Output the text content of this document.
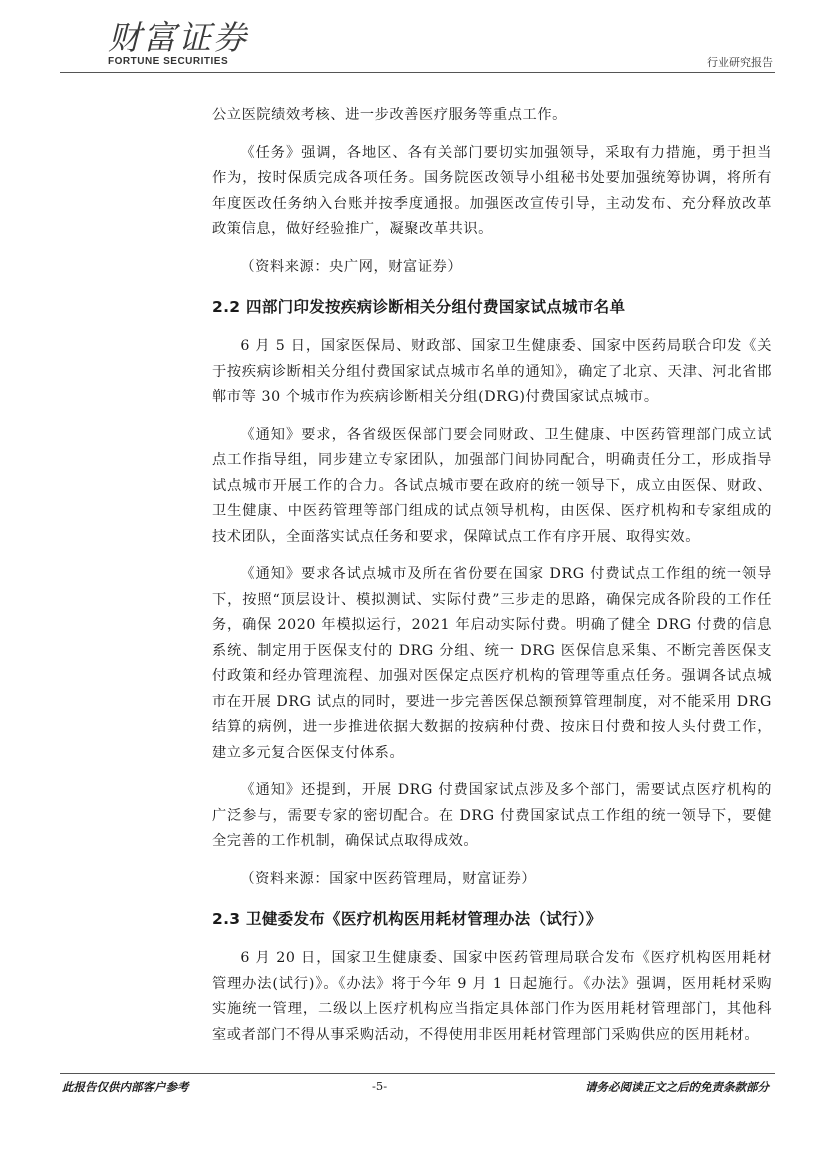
财富证券
FORTUNE SECURITIES	行业研究报告

公立医院绩效考核、进一步改善医疗服务等重点工作。

《任务》强调，各地区、各有关部门要切实加强领导，采取有力措施，勇于担当作为，按时保质完成各项任务。国务院医改领导小组秘书处要加强统筹协调，将所有年度医改任务纳入台账并按季度通报。加强医改宣传引导，主动发布、充分释放改革政策信息，做好经验推广，凝聚改革共识。

（资料来源：央广网，财富证券）

2.2 四部门印发按疾病诊断相关分组付费国家试点城市名单

6 月 5 日，国家医保局、财政部、国家卫生健康委、国家中医药局联合印发《关于按疾病诊断相关分组付费国家试点城市名单的通知》，确定了北京、天津、河北省邯郸市等 30 个城市作为疾病诊断相关分组(DRG)付费国家试点城市。

《通知》要求，各省级医保部门要会同财政、卫生健康、中医药管理部门成立试点工作指导组，同步建立专家团队，加强部门间协同配合，明确责任分工，形成指导试点城市开展工作的合力。各试点城市要在政府的统一领导下，成立由医保、财政、卫生健康、中医药管理等部门组成的试点领导机构，由医保、医疗机构和专家组成的技术团队，全面落实试点任务和要求，保障试点工作有序开展、取得实效。

《通知》要求各试点城市及所在省份要在国家 DRG 付费试点工作组的统一领导下，按照“顶层设计、模拟测试、实际付费”三步走的思路，确保完成各阶段的工作任务，确保 2020 年模拟运行，2021 年启动实际付费。明确了健全 DRG 付费的信息系统、制定用于医保支付的 DRG 分组、统一 DRG 医保信息采集、不断完善医保支付政策和经办管理流程、加强对医保定点医疗机构的管理等重点任务。强调各试点城市在开展 DRG 试点的同时，要进一步完善医保总额预算管理制度，对不能采用 DRG 结算的病例，进一步推进依据大数据的按病种付费、按床日付费和按人头付费工作，建立多元复合医保支付体系。

《通知》还提到，开展 DRG 付费国家试点涉及多个部门，需要试点医疗机构的广泛参与，需要专家的密切配合。在 DRG 付费国家试点工作组的统一领导下，要健全完善的工作机制，确保试点取得成效。

（资料来源：国家中医药管理局，财富证券）

2.3 卫健委发布《医疗机构医用耗材管理办法（试行）》

6 月 20 日，国家卫生健康委、国家中医药管理局联合发布《医疗机构医用耗材管理办法(试行)》。《办法》将于今年 9 月 1 日起施行。《办法》强调，医用耗材采购实施统一管理，二级以上医疗机构应当指定具体部门作为医用耗材管理部门，其他科室或者部门不得从事采购活动，不得使用非医用耗材管理部门采购供应的医用耗材。

此报告仅供内部客户参考	-5-	请务必阅读正文之后的免责条款部分
